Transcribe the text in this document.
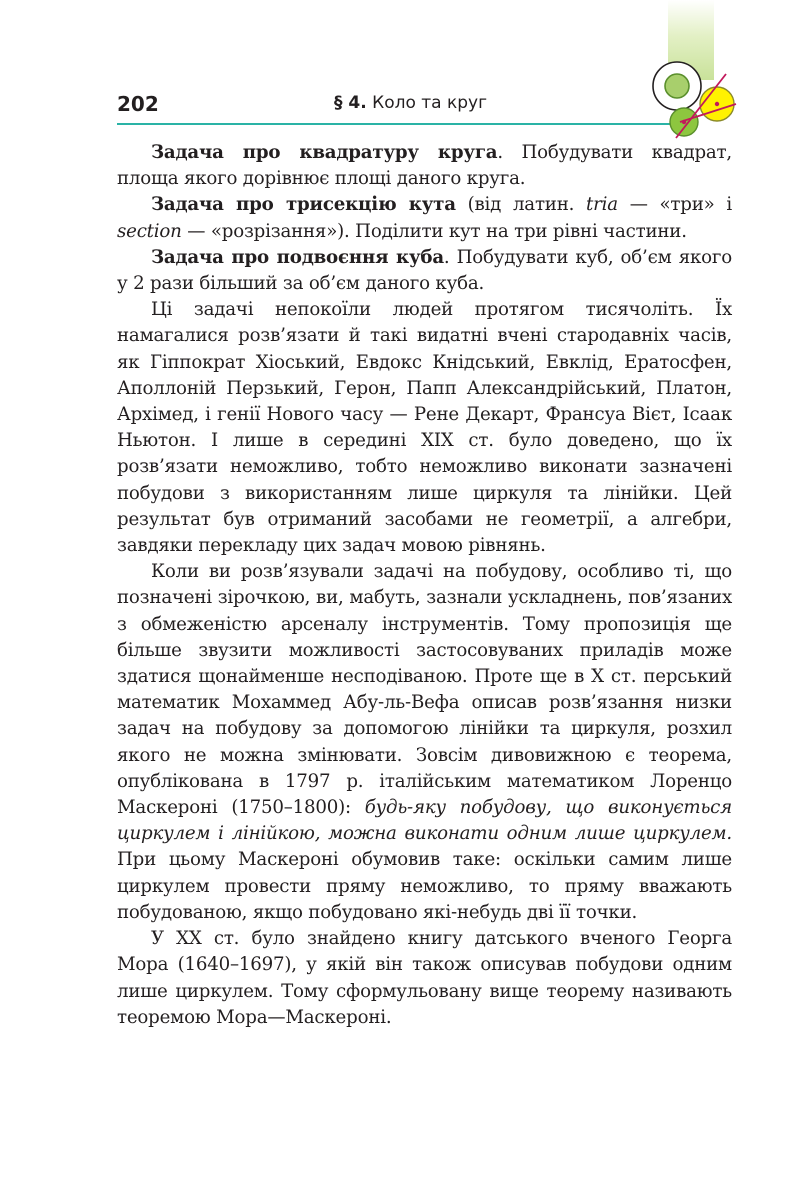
202	§ 4. Коло та круг

Задача про квадратуру круга. Побудувати квадрат, площа якого дорівнює площі даного круга.

Задача про трисекцію кута (від латин. tria — «три» і section — «розрізання»). Поділити кут на три рівні частини.

Задача про подвоєння куба. Побудувати куб, об’єм якого у 2 рази більший за об’єм даного куба.

Ці задачі непокоїли людей протягом тисячоліть. Їх намагалися розв’язати й такі видатні вчені стародавніх часів, як Гіппократ Хіоський, Евдокс Кнідський, Евклід, Ератосфен, Аполлоній Перзький, Герон, Папп Александрійський, Платон, Архімед, і генії Нового часу — Рене Декарт, Франсуа Вієт, Ісаак Ньютон. І лише в середині XIX ст. було доведено, що їх розв’язати неможливо, тобто неможливо виконати зазначені побудови з використанням лише циркуля та лінійки. Цей результат був отриманий засобами не геометрії, а алгебри, завдяки перекладу цих задач мовою рівнянь.

Коли ви розв’язували задачі на побудову, особливо ті, що позначені зірочкою, ви, мабуть, зазнали ускладнень, пов’язаних з обмеженістю арсеналу інструментів. Тому пропозиція ще більше звузити можливості застосовуваних приладів може здатися щонайменше несподіваною. Проте ще в X ст. перський математик Мохаммед Абу-ль-Вефа описав розв’язання низки задач на побудову за допомогою лінійки та циркуля, розхил якого не можна змінювати. Зовсім дивовижною є теорема, опублікована в 1797 р. італійським математиком Лоренцо Маскероні (1750–1800): будь-яку побудову, що виконується циркулем і лінійкою, можна виконати одним лише циркулем. При цьому Маскероні обумовив таке: оскільки самим лише циркулем провести пряму неможливо, то пряму вважають побудованою, якщо побудовано які-небудь дві її точки.

У XX ст. було знайдено книгу датського вченого Георга Мора (1640–1697), у якій він також описував побудови одним лише циркулем. Тому сформульовану вище теорему називають теоремою Мора—Маскероні.
